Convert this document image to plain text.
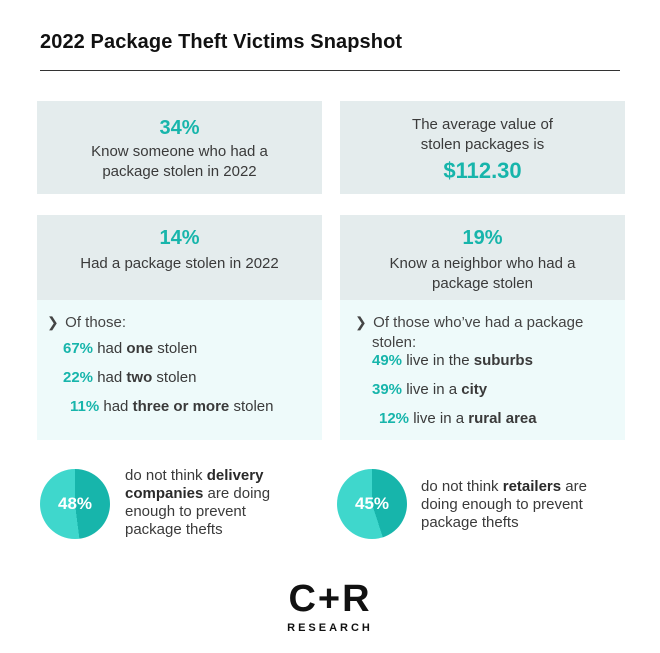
2022 Package Theft Victims Snapshot
34%
Know someone who had a
package stolen in 2022
The average value of
stolen packages is
$112.30
14%
Had a package stolen in 2022
19%
Know a neighbor who had a
package stolen
❯ Of those:
67% had one stolen
22% had two stolen
11% had three or more stolen
❯ Of those who’ve had a package
stolen:
49% live in the suburbs
39% live in a city
12% live in a rural area
48%
do not think delivery
companies are doing
enough to prevent
package thefts
45%
do not think retailers are
doing enough to prevent
package thefts
C+R
RESEARCH
